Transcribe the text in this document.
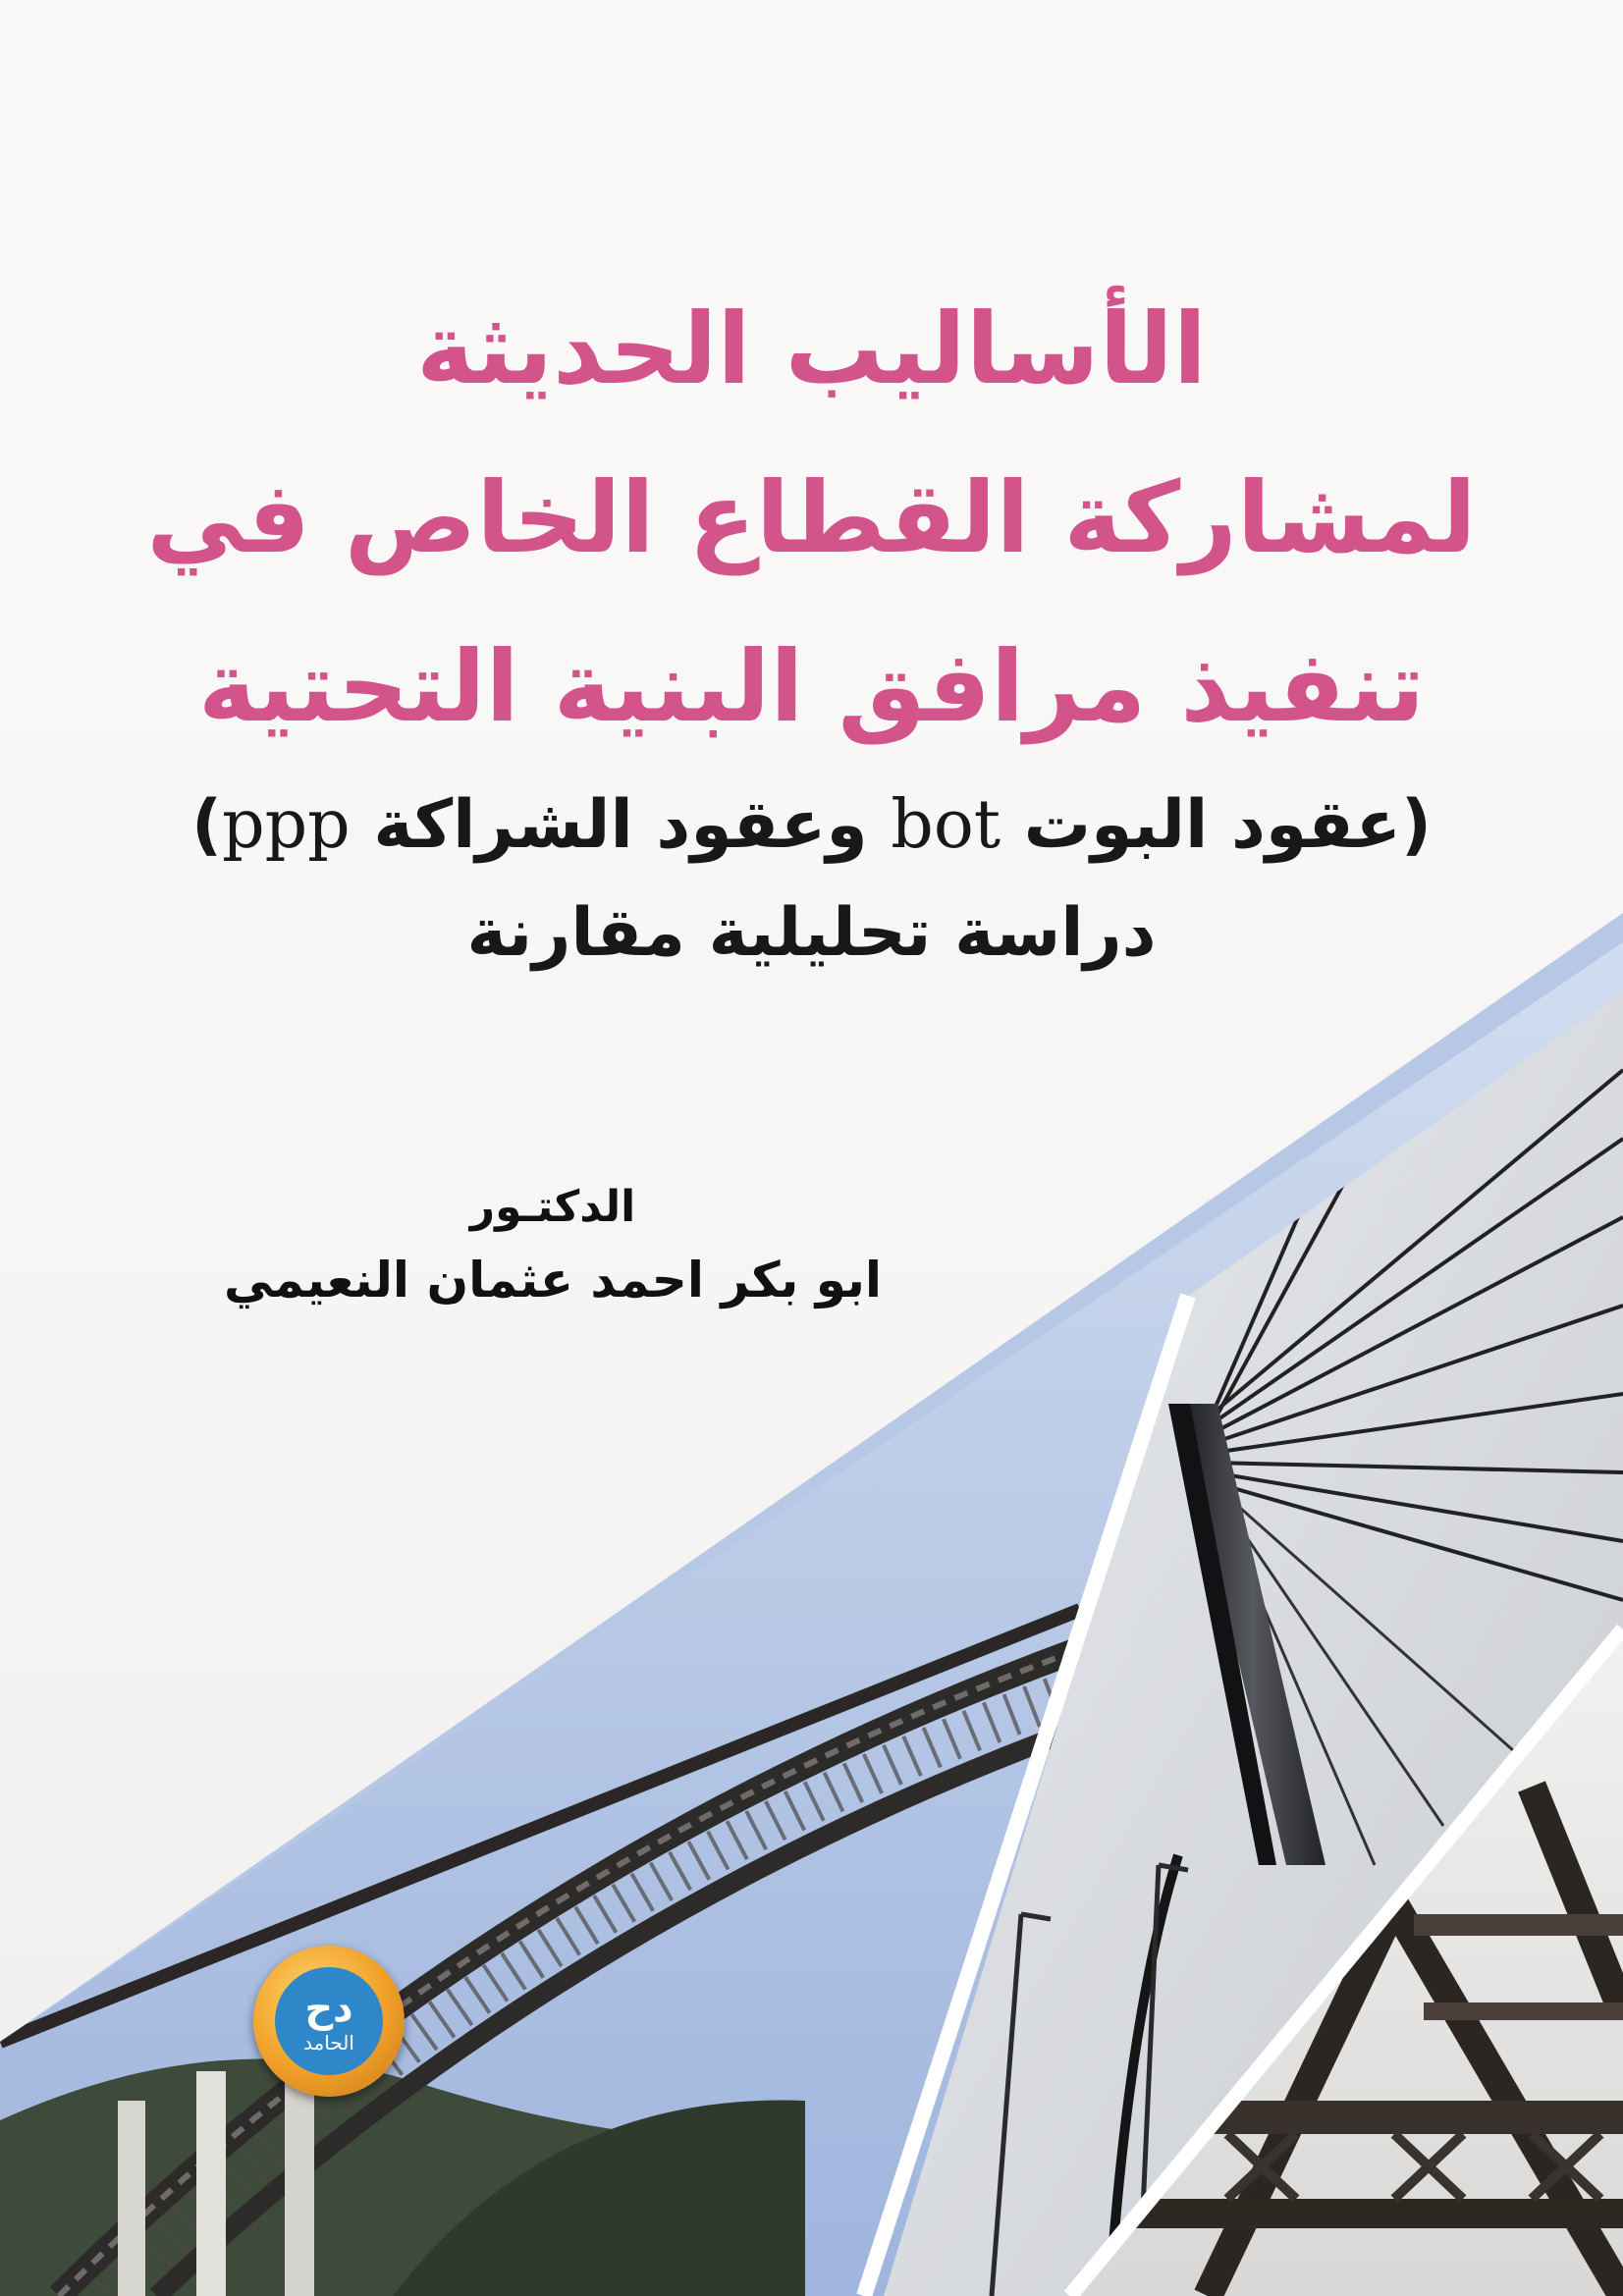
الأساليب الحديثة
لمشاركة القطاع الخاص في
تنفيذ مرافق البنية التحتية
(عقود البوت bot وعقود الشراكة ppp)
دراسة تحليلية مقارنة
الدكتـور
ابو بكر احمد عثمان النعيمي
دح
الحامد
